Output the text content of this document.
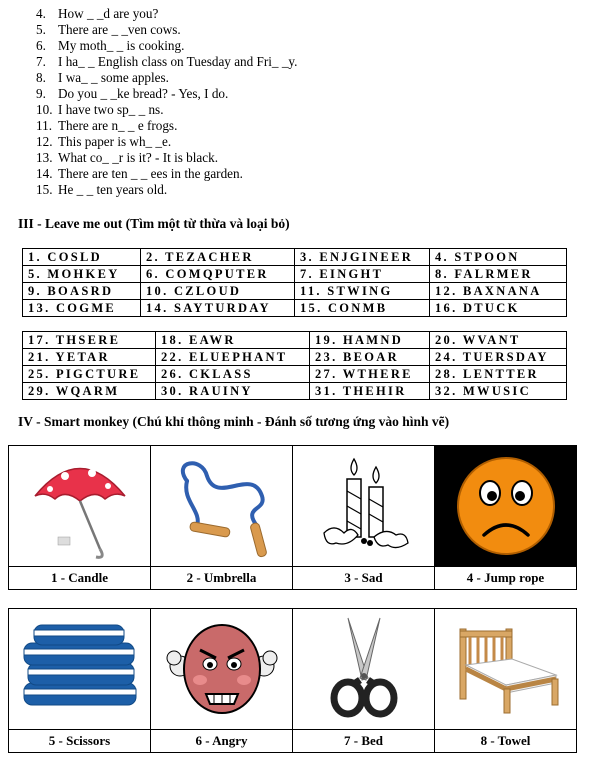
4. How _ _d are you?
5. There are _ _ven cows.
6. My moth_ _ is cooking.
7. I ha_ _ English class on Tuesday and Fri_ _y.
8. I wa_ _ some apples.
9. Do you _ _ke bread? - Yes, I do.
10. I have two sp_ _ ns.
11. There are n_ _ e frogs.
12. This paper is wh_ _e.
13. What co_ _r is it? - It is black.
14. There are ten _ _ ees in the garden.
15. He _ _ ten years old.
III - Leave me out (Tìm một từ thừa và loại bỏ)
1. COSLD	2. TEZACHER	3. ENJGINEER	4. STPOON
5. MOHKEY	6. COMQPUTER	7. EINGHT	8. FALRMER
9. BOASRD	10. CZLOUD	11. STWING	12. BAXNANA
13. COGME	14. SAYTURDAY	15. CONMB	16. DTUCK
17. THSERE	18. EAWR	19. HAMND	20. WVANT
21. YETAR	22. ELUEPHANT	23. BEOAR	24. TUERSDAY
25. PIGCTURE	26. CKLASS	27. WTHERE	28. LENTTER
29. WQARM	30. RAUINY	31. THEHIR	32. MWUSIC
IV - Smart monkey (Chú khỉ thông minh - Đánh số tương ứng vào hình vẽ)

1 - Candle	2 - Umbrella	3 - Sad	4 - Jump rope

5 - Scissors	6 - Angry	7 - Bed	8 - Towel
